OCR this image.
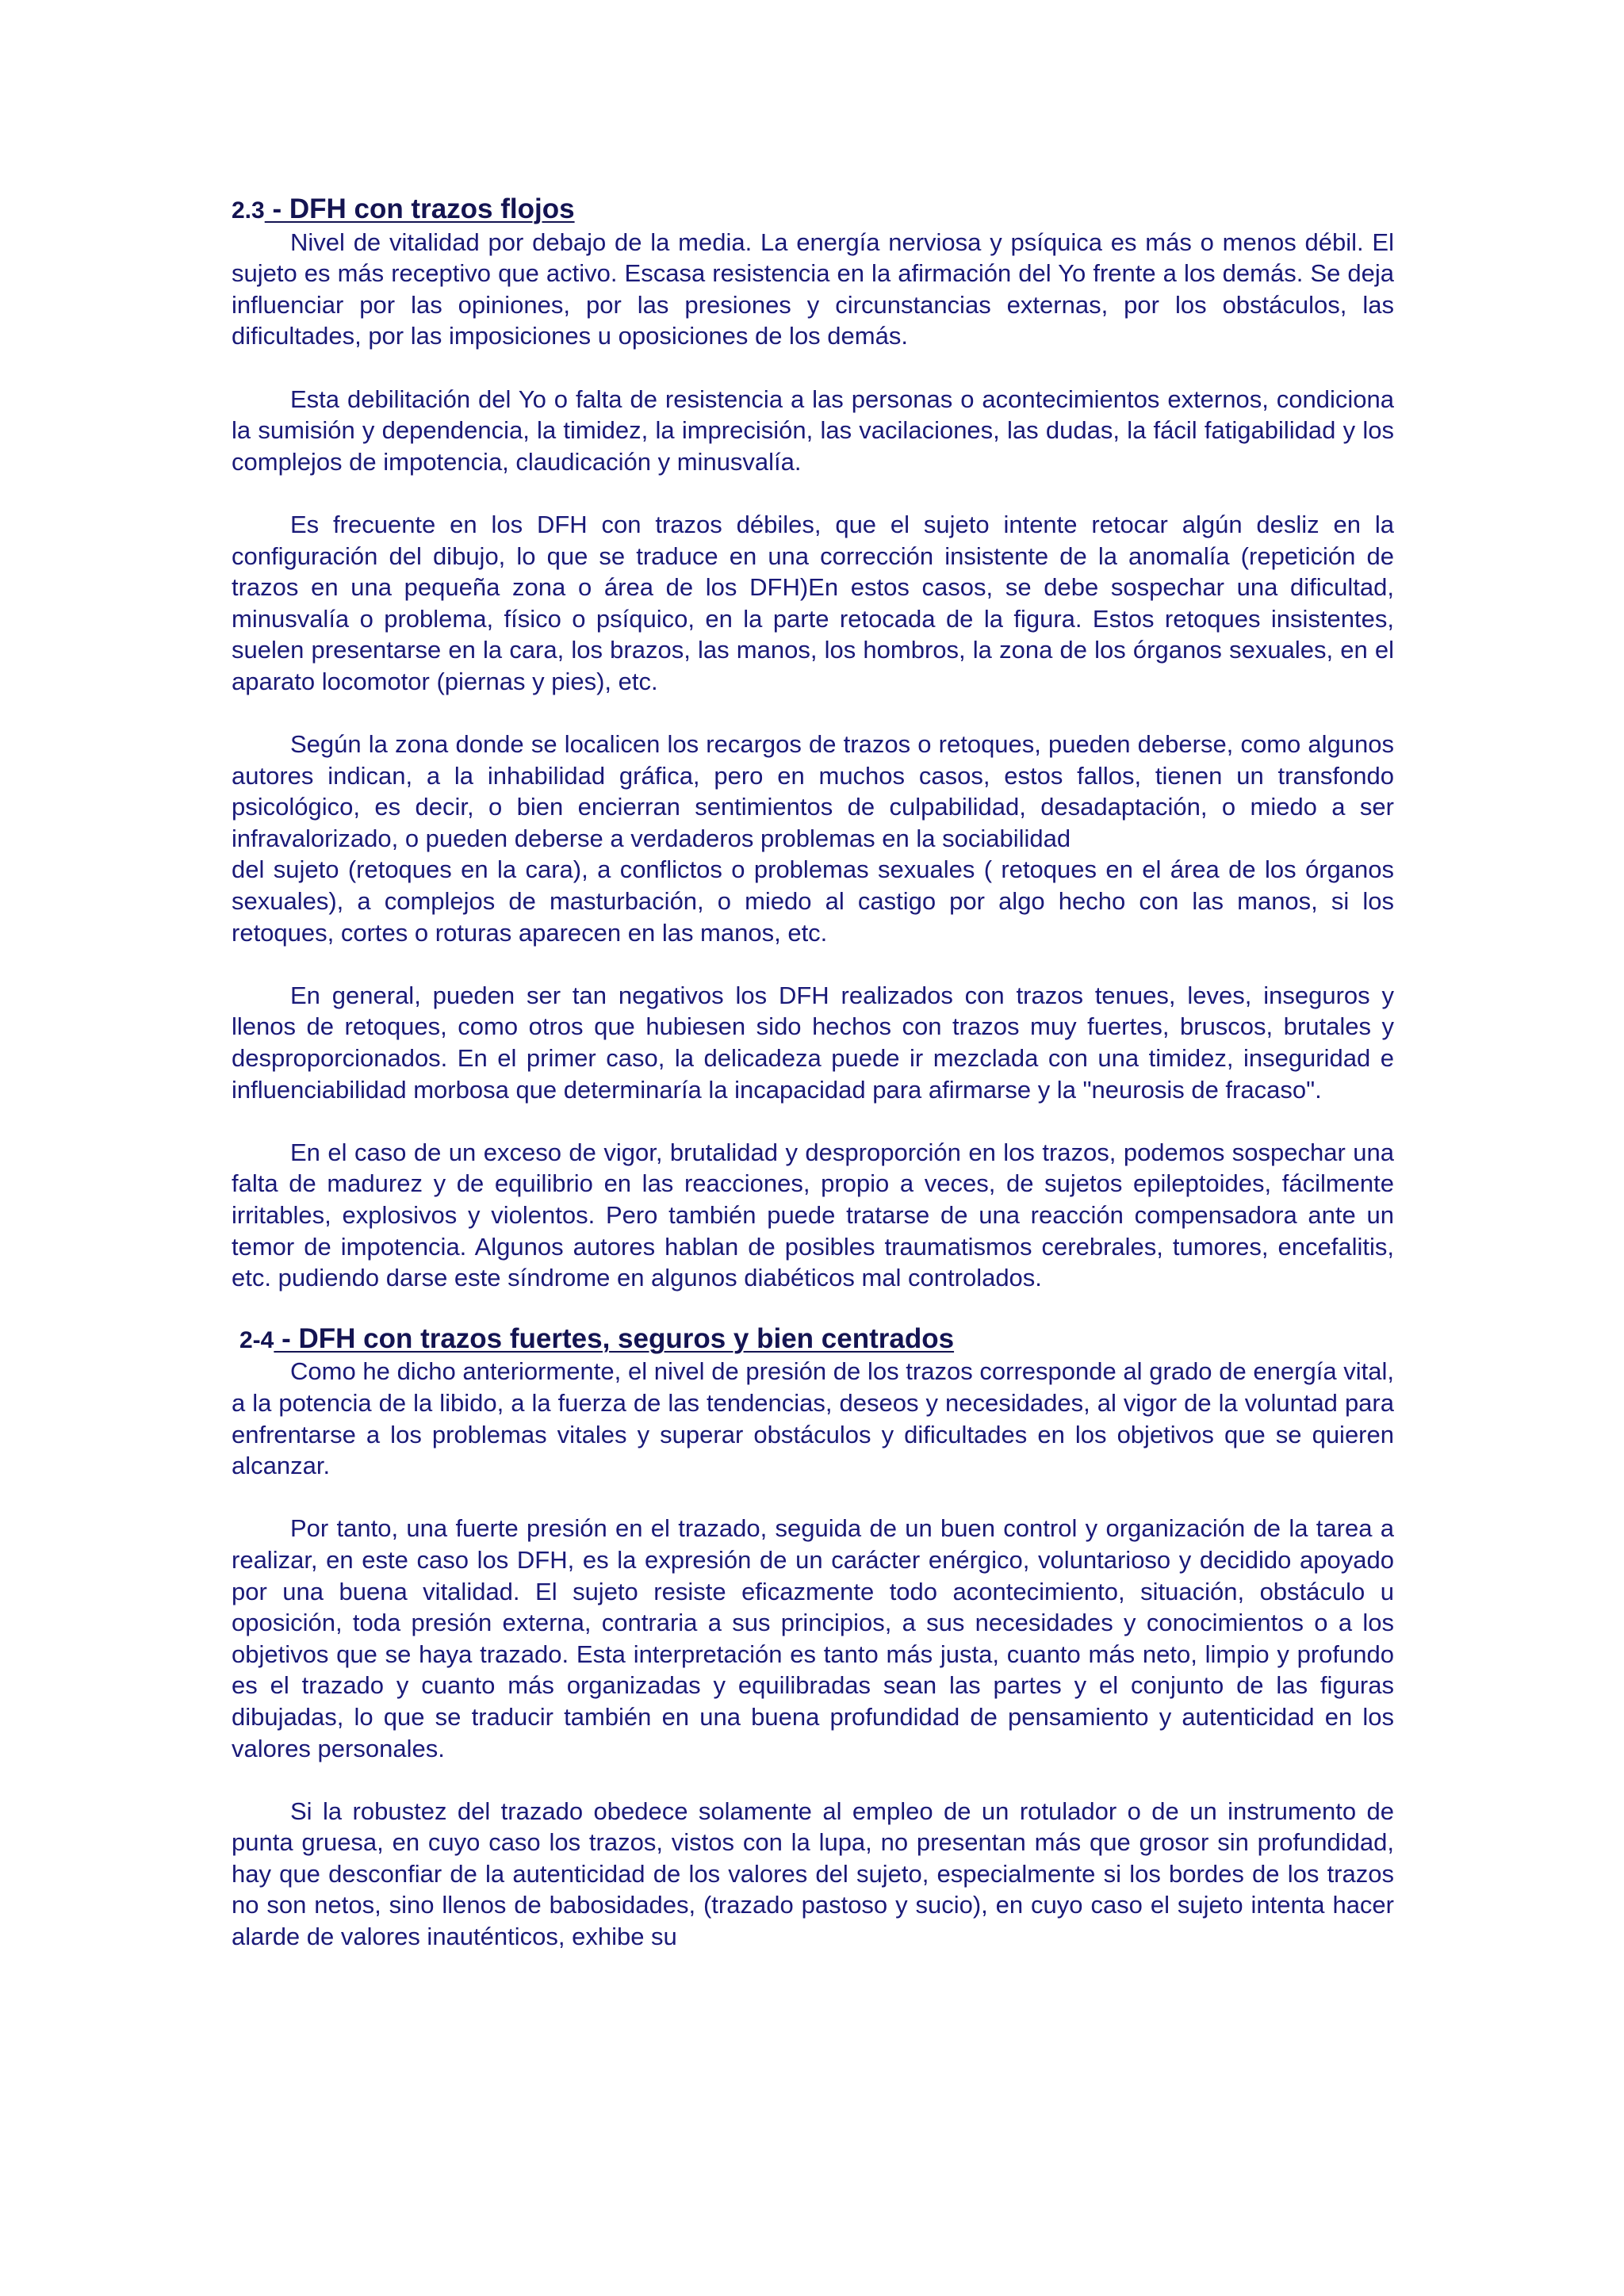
2.3 - DFH con trazos flojos

Nivel de vitalidad por debajo de la media. La energía nerviosa y psíquica es más o menos débil. El sujeto es más receptivo que activo. Escasa resistencia en la afirmación del Yo frente a los demás. Se deja influenciar por las opiniones, por las presiones y circunstancias externas, por los obstáculos, las dificultades, por las imposiciones u oposiciones de los demás.

Esta debilitación del Yo o falta de resistencia a las personas o acontecimientos externos, condiciona la sumisión y dependencia, la timidez, la imprecisión, las vacilaciones, las dudas, la fácil fatigabilidad y los complejos de impotencia, claudicación y minusvalía.

Es frecuente en los DFH con trazos débiles, que el sujeto intente retocar algún desliz en la configuración del dibujo, lo que se traduce en una corrección insistente de la anomalía (repetición de trazos en una pequeña zona o área de los DFH)En estos casos, se debe sospechar una dificultad, minusvalía o problema, físico o psíquico, en la parte retocada de la figura. Estos retoques insistentes, suelen presentarse en la cara, los brazos, las manos, los hombros, la zona de los órganos sexuales, en el aparato locomotor (piernas y pies), etc.

Según la zona donde se localicen los recargos de trazos o retoques, pueden deberse, como algunos autores indican, a la inhabilidad gráfica, pero en muchos casos, estos fallos, tienen un transfondo psicológico, es decir, o bien encierran sentimientos de culpabilidad, desadaptación, o miedo a ser infravalorizado, o pueden deberse a verdaderos problemas en la sociabilidad

del sujeto (retoques en la cara), a conflictos o problemas sexuales ( retoques en el área de los órganos sexuales), a complejos de masturbación, o miedo al castigo por algo hecho con las manos, si los retoques, cortes o roturas aparecen en las manos, etc.

En general, pueden ser tan negativos los DFH realizados con trazos tenues, leves, inseguros y llenos de retoques, como otros que hubiesen sido hechos con trazos muy fuertes, bruscos, brutales y desproporcionados. En el primer caso, la delicadeza puede ir mezclada con una timidez, inseguridad e influenciabilidad morbosa que determinaría la incapacidad para afirmarse y la "neurosis de fracaso".

En el caso de un exceso de vigor, brutalidad y desproporción en los trazos, podemos sospechar una falta de madurez y de equilibrio en las reacciones, propio a veces, de sujetos epileptoides, fácilmente irritables, explosivos y violentos. Pero también puede tratarse de una reacción compensadora ante un temor de impotencia. Algunos autores hablan de posibles traumatismos cerebrales, tumores, encefalitis, etc. pudiendo darse este síndrome en algunos diabéticos mal controlados.

2-4 - DFH con trazos fuertes, seguros y bien centrados

Como he dicho anteriormente, el nivel de presión de los trazos corresponde al grado de energía vital, a la potencia de la libido, a la fuerza de las tendencias, deseos y necesidades, al vigor de la voluntad para enfrentarse a los problemas vitales y superar obstáculos y dificultades en los objetivos que se quieren alcanzar.

Por tanto, una fuerte presión en el trazado, seguida de un buen control y organización de la tarea a realizar, en este caso los DFH, es la expresión de un carácter enérgico, voluntarioso y decidido apoyado por una buena vitalidad. El sujeto resiste eficazmente todo acontecimiento, situación, obstáculo u oposición, toda presión externa, contraria a sus principios, a sus necesidades y conocimientos o a los objetivos que se haya trazado. Esta interpretación es tanto más justa, cuanto más neto, limpio y profundo es el trazado y cuanto más organizadas y equilibradas sean las partes y el conjunto de las figuras dibujadas, lo que se traducir también en una buena profundidad de pensamiento y autenticidad en los valores personales.

Si la robustez del trazado obedece solamente al empleo de un rotulador o de un instrumento de punta gruesa, en cuyo caso los trazos, vistos con la lupa, no presentan más que grosor sin profundidad, hay que desconfiar de la autenticidad de los valores del sujeto, especialmente si los bordes de los trazos no son netos, sino llenos de babosidades, (trazado pastoso y sucio), en cuyo caso el sujeto intenta hacer alarde de valores inauténticos, exhibe su
